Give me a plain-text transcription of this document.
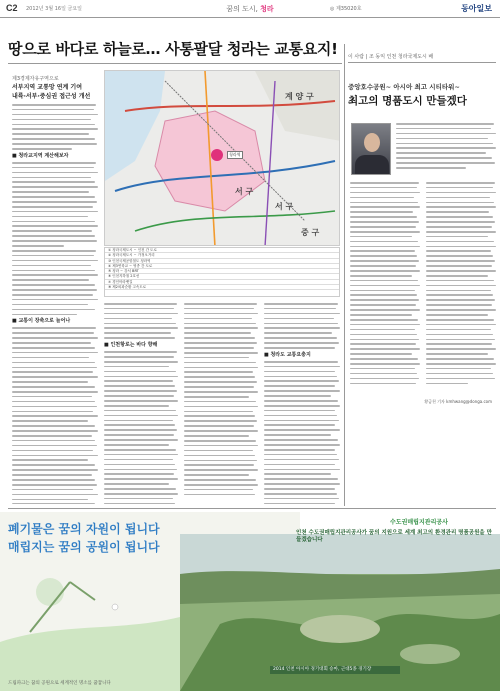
C2 2012년 3월 16일 금요일	꿈의 도시, 청라	◎ 제35020호	동아일보
땅으로 바다로 하늘로… 사통팔달 청라는 교통요지!
제3경제자유구역으로
서부지역 교통망 연계 기여
내륙·서부·중심권 접근성 개선
■ 청라교지역 계산해보자
■ 교통이 장축으로 늘어나
계 양 구
서 구
서 구
중 구
청라역
① 청라국제도시 ~ 인천 간 도로
② 청라국제도시 ~ 가정오거리
③ 인천국제공항철도 청라역
④ 제3연륙교 ~ 영종 간 도로
⑤ 청라 ~ 강서 BRT
⑥ 인천지하철 2호선
⑦ 경인아라뱃길
⑧ 제2외곽순환 고속도로
■ 인천항로는 바다 향해
■ 청라도 교통요충지
이 사람 | 조 동익 인천 청라국제도시 배
중앙호수공원~ 아시아 최고 시티타워~
최고의 명품도시 만들겠다
황금천 기자 kmhwang@donga.com
폐기물은 꿈의 자원이 됩니다
매립지는 꿈의 공원이 됩니다
드림파크는 꿈의 공원으로 세계적인 명소를 꿈꿉니다
수도권매립지관리공사
인천 수도권매립지관리공사가 꿈의 지원으로 세계 최고의 환경관리 명품공원을 만들겠습니다
2014 인천 아시아 경기대회 승마, 근대5종 경기장
